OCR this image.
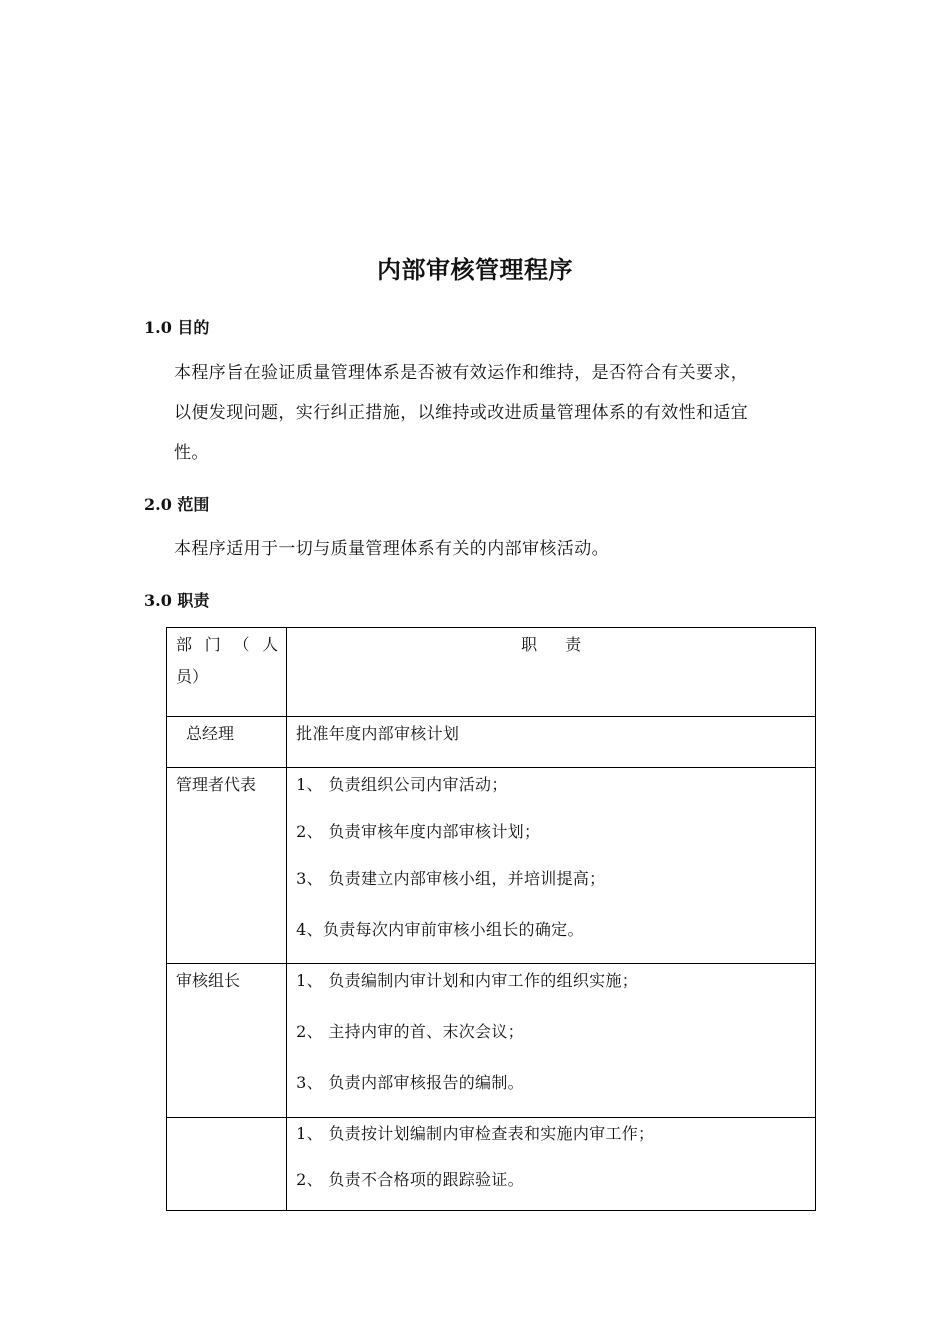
内部审核管理程序
1.0 目的
本程序旨在验证质量管理体系是否被有效运作和维持，是否符合有关要求，
以便发现问题，实行纠正措施，以维持或改进质量管理体系的有效性和适宜
性。
2.0 范围
本程序适用于一切与质量管理体系有关的内部审核活动。
3.0 职责
部 门 （ 人
员）	职责

总经理	批准年度内部审核计划

管理者代表	1、 负责组织公司内审活动；
2、 负责审核年度内部审核计划；
3、 负责建立内部审核小组，并培训提高；
4、负责每次内审前审核小组长的确定。

审核组长	1、 负责编制内审计划和内审工作的组织实施；
2、 主持内审的首、末次会议；
3、 负责内部审核报告的编制。

	1、 负责按计划编制内审检查表和实施内审工作；
2、 负责不合格项的跟踪验证。
